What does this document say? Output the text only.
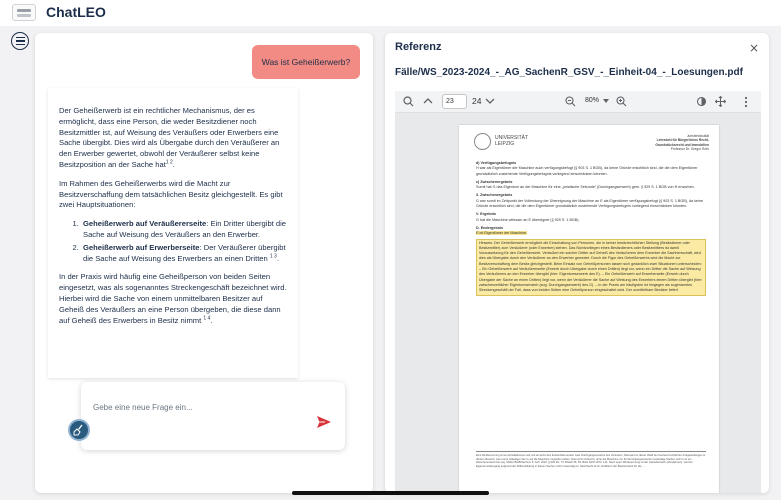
ChatLEO
Was ist Geheißerwerb?

Der Geheißerwerb ist ein rechtlicher Mechanismus, der es ermöglicht, dass eine Person, die weder Besitzdiener noch Besitzmittler ist, auf Weisung des Veräußers oder Erwerbers eine Sache übergibt. Dies wird als Übergabe durch den Veräußerer an den Erwerber gewertet, obwohl der Veräußerer selbst keine Besitzposition an der Sache hat$^{1 2}$.

Im Rahmen des Geheißerwerbs wird die Macht zur Besitzverschaffung dem tatsächlichen Besitz gleichgestellt. Es gibt zwei Hauptsituationen:

1. Geheißerwerb auf Veräußererseite: Ein Dritter übergibt die Sache auf Weisung des Veräußers an den Erwerber.
2. Geheißerwerb auf Erwerberseite: Der Veräußerer übergibt die Sache auf Weisung des Erwerbers an einen Dritten $^{1 3}$.

In der Praxis wird häufig eine Geheißperson von beiden Seiten eingesetzt, was als sogenanntes Streckengeschäft bezeichnet wird. Hierbei wird die Sache von einem unmittelbaren Besitzer auf Geheiß des Veräußers an eine Person übergeben, die diese dann auf Geheiß des Erwerbers in Besitz nimmt $^{1 4}$.

Gebe eine neue Frage ein...
Referenz	×
Fälle/WS_2023-2024_-_AG_SachenR_GSV_-_Einheit-04_-_Loesungen.pdf
23	24	80%
UNIVERSITÄT
LEIPZIG
Juristenfakultät
Lehrstuhl für Bürgerliches Recht,
Grundstücksrecht und Immobilien
Professor Dr. Gregor Roth
d) Verfügungsbefugnis
H war als Eigentümer der Maschine auch verfügungsbefugt (§ 903 S. 1 BGB), da keine Gründe ersichtlich sind, die die dem Eigentümer grundsätzlich zustehende Verfügungsbefugnis vorliegend einschränken könnten.
e) Zwischenergebnis
Somit hat G das Eigentum an der Maschine für eine „juristische Sekunde“ (Durchgangserwerb) gem. § 929 S. 1 BGB von H erworben.
3. Zwischenergebnis
G war somit im Zeitpunkt der Vollendung der Übereignung der Maschine an E als Eigentümer verfügungsbefugt (§ 903 S. 1 BGB), da keine Gründe ersichtlich sind, die die dem Eigentümer grundsätzlich zustehende Verfügungsbefugnis vorliegend einschränken könnten.
V. Ergebnis
G hat die Maschine wirksam an E übereignet (§ 929 S. 1 BGB).
D. Endergebnis
E ist Eigentümer der Maschine.
Hinweis: Der Geheißerwerb ermöglicht die Einschaltung von Personen, die in keiner besitzrechtlichen Stellung (Besitzdiener oder Besitzmittler) zum Veräußerer (oder Erwerber) stehen. Das Nichtvorliegen eines Besitzdieners oder Besitzmittlers ist damit Voraussetzung für den Geheißerwerb. Veräußert ein solcher Dritter auf Geheiß des Veräußerers dem Erwerber die Sachherrschaft, wird dies als Übergabe durch den Veräußerer an den Erwerber gewertet. Durch die Figur des Geheißerwerbs wird die Macht zur Besitzverschaffung dem Besitz gleichgestellt. Beim Einsatz von Geheißpersonen lassen sich gedanklich zwei Situationen unterscheiden: – Ein Geheißerwerb auf Veräußererseite (Erwerb durch Übergabe durch einen Dritten) liegt vor, wenn ein Dritter die Sache auf Weisung des Veräußerers an den Erwerber übergibt (hier: Eigentumserwerb des E). – Ein Geheißerwerb auf Erwerberseite (Erwerb durch Übergabe der Sache an einen Dritten) liegt vor, wenn der Veräußerer die Sache auf Weisung des Erwerbers einem Dritten übergibt (hier: zwischenzeitlicher Eigentumserwerb (sog. Durchgangserwerb) des G). – In der Praxis am häufigsten ist hingegen als sogenanntes Streckengeschäft der Fall, dass von beiden Seiten eine Geheißperson eingeschaltet wird. Der unmittelbare Besitzer liefert
Eine Minderermung immer Erteilabkomen auf und anmehrt des Zusterdokumenten zwei Durchgangserwerbs des Vertretern, Relevant ist dieser Weld bei insolvenzrechtlichen Fragestellungen in diesem Bereich, wenn eine Gläubiger des G auf die Maschine zugreifen wollen. Dies wird mit Recht, ohne die Maschine zur für Durchgangserwerbs zuständige Sachen sich G ist ein Zwischenerwerb bei sog. Müllur-BGB/Sachenr 5. Aufl. 2023, § 929 Rn. 73. BGHZ 36, 56; BGH NJW 1973, 141. Nach einer Minderermung ist der Geheißerwerb (abzulehnen), weil ein Eigentumsübergang aufgrund der Willensbildung in diesen Sachen nicht notwendig ist. Gleichwohl ist im Verfahren der Besitzerwerb für die ...
